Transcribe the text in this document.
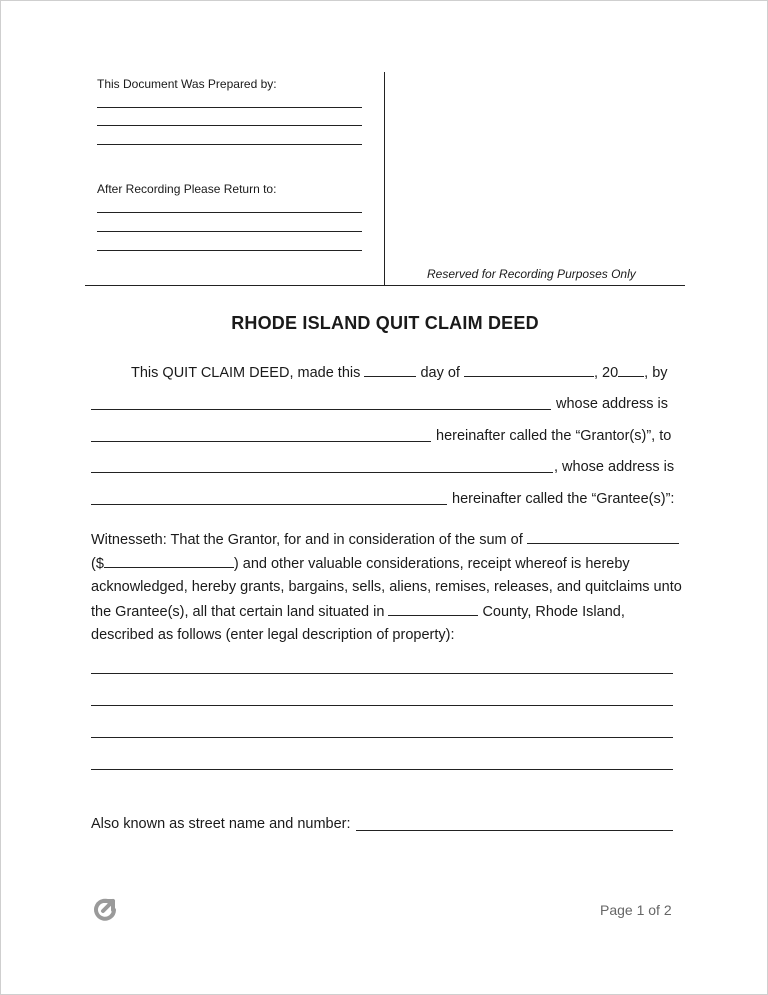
This Document Was Prepared by:
After Recording Please Return to:
Reserved for Recording Purposes Only
RHODE ISLAND QUIT CLAIM DEED
This QUIT CLAIM DEED, made this	day of	, 20 , by
whose address is
hereinafter called the “Grantor(s)”, to
, whose address is
hereinafter called the “Grantee(s)”:
Witnesseth: That the Grantor, for and in consideration of the sum of
($	) and other valuable considerations, receipt whereof is hereby
acknowledged, hereby grants, bargains, sells, aliens, remises, releases, and quitclaims unto
the Grantee(s), all that certain land situated in	County, Rhode Island,
described as follows (enter legal description of property):
Also known as street name and number:
Page 1 of 2
